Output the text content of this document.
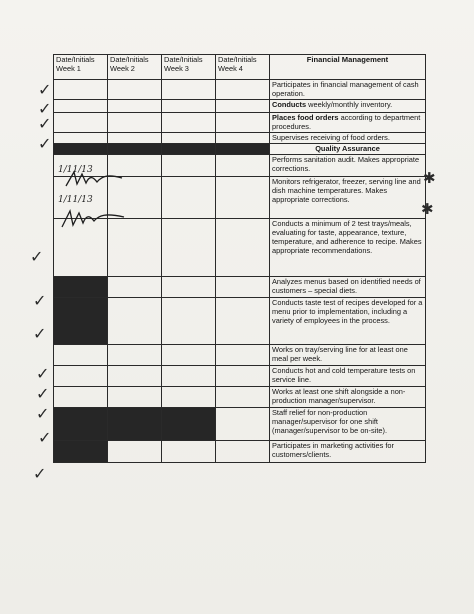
Date/Initials Week 1	Date/Initials Week 2	Date/Initials Week 3	Date/Initials Week 4	Financial Management
				Participates in financial management of cash operation.
				Conducts weekly/monthly inventory.
				Places food orders according to department procedures.
				Supervises receiving of food orders.
				Quality Assurance
				Performs sanitation audit. Makes appropriate corrections.
				Monitors refrigerator, freezer, serving line and dish machine temperatures. Makes appropriate corrections.
				Conducts a minimum of 2 test trays/meals, evaluating for taste, appearance, texture, temperature, and adherence to recipe. Makes appropriate recommendations.
				Analyzes menus based on identified needs of customers – special diets.
				Conducts taste test of recipes developed for a menu prior to implementation, including a variety of employees in the process.
				Works on tray/serving line for at least one meal per week.
				Conducts hot and cold temperature tests on service line.
				Works at least one shift alongside a non-production manager/supervisor.
				Staff relief for non-production manager/supervisor for one shift (manager/supervisor to be on-site).
				Participates in marketing activities for customers/clients.
✓
✓
✓
✓
✓
✓
✓
✓
✓
✓
✓
✓
✱
✱
1/11/13
1/11/13
